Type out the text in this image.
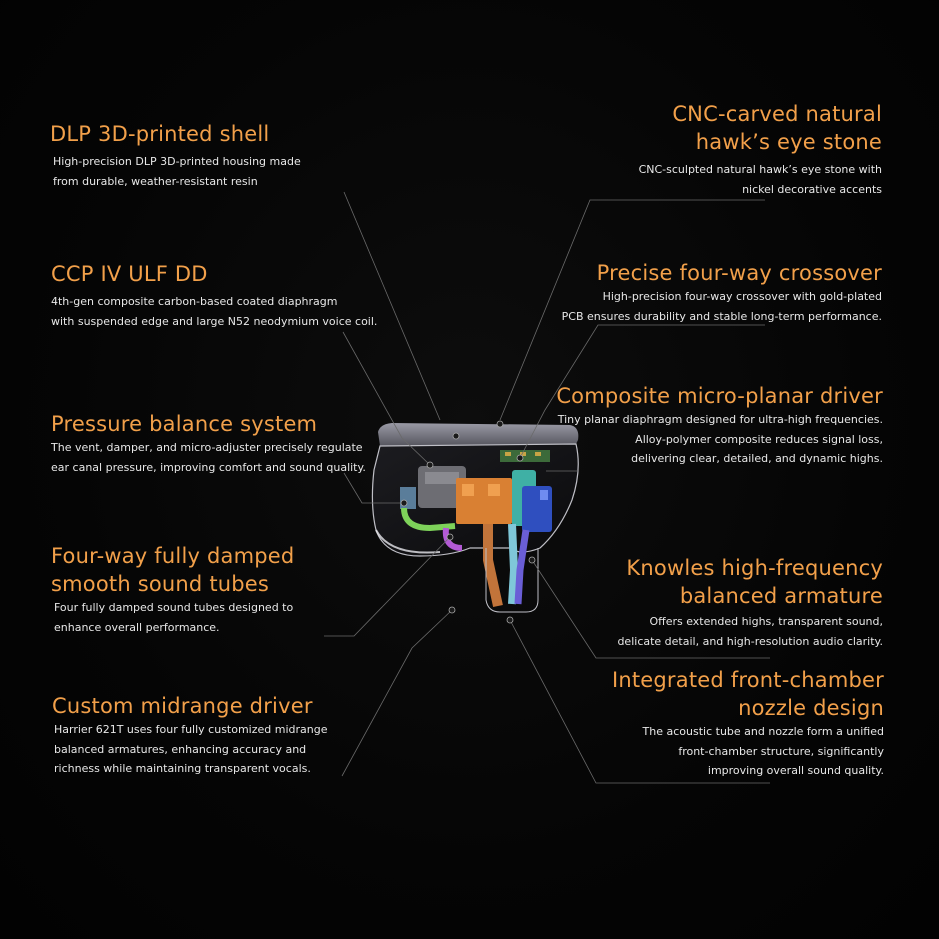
DLP 3D-printed shell
High-precision DLP 3D-printed housing made
from durable, weather-resistant resin
CCP IV ULF DD
4th-gen composite carbon-based coated diaphragm
with suspended edge and large N52 neodymium voice coil.
Pressure balance system
The vent, damper, and micro-adjuster precisely regulate
ear canal pressure, improving comfort and sound quality.
Four-way fully damped
smooth sound tubes
Four fully damped sound tubes designed to
enhance overall performance.
Custom midrange driver
Harrier 621T uses four fully customized midrange
balanced armatures, enhancing accuracy and
richness while maintaining transparent vocals.
CNC-carved natural
hawk’s eye stone
CNC-sculpted natural hawk’s eye stone with
nickel decorative accents
Precise four-way crossover
High-precision four-way crossover with gold-plated
PCB ensures durability and stable long-term performance.
Composite micro-planar driver
Tiny planar diaphragm designed for ultra-high frequencies.
Alloy-polymer composite reduces signal loss,
delivering clear, detailed, and dynamic highs.
Knowles high-frequency
balanced armature
Offers extended highs, transparent sound,
delicate detail, and high-resolution audio clarity.
Integrated front-chamber
nozzle design
The acoustic tube and nozzle form a unified
front-chamber structure, significantly
improving overall sound quality.
